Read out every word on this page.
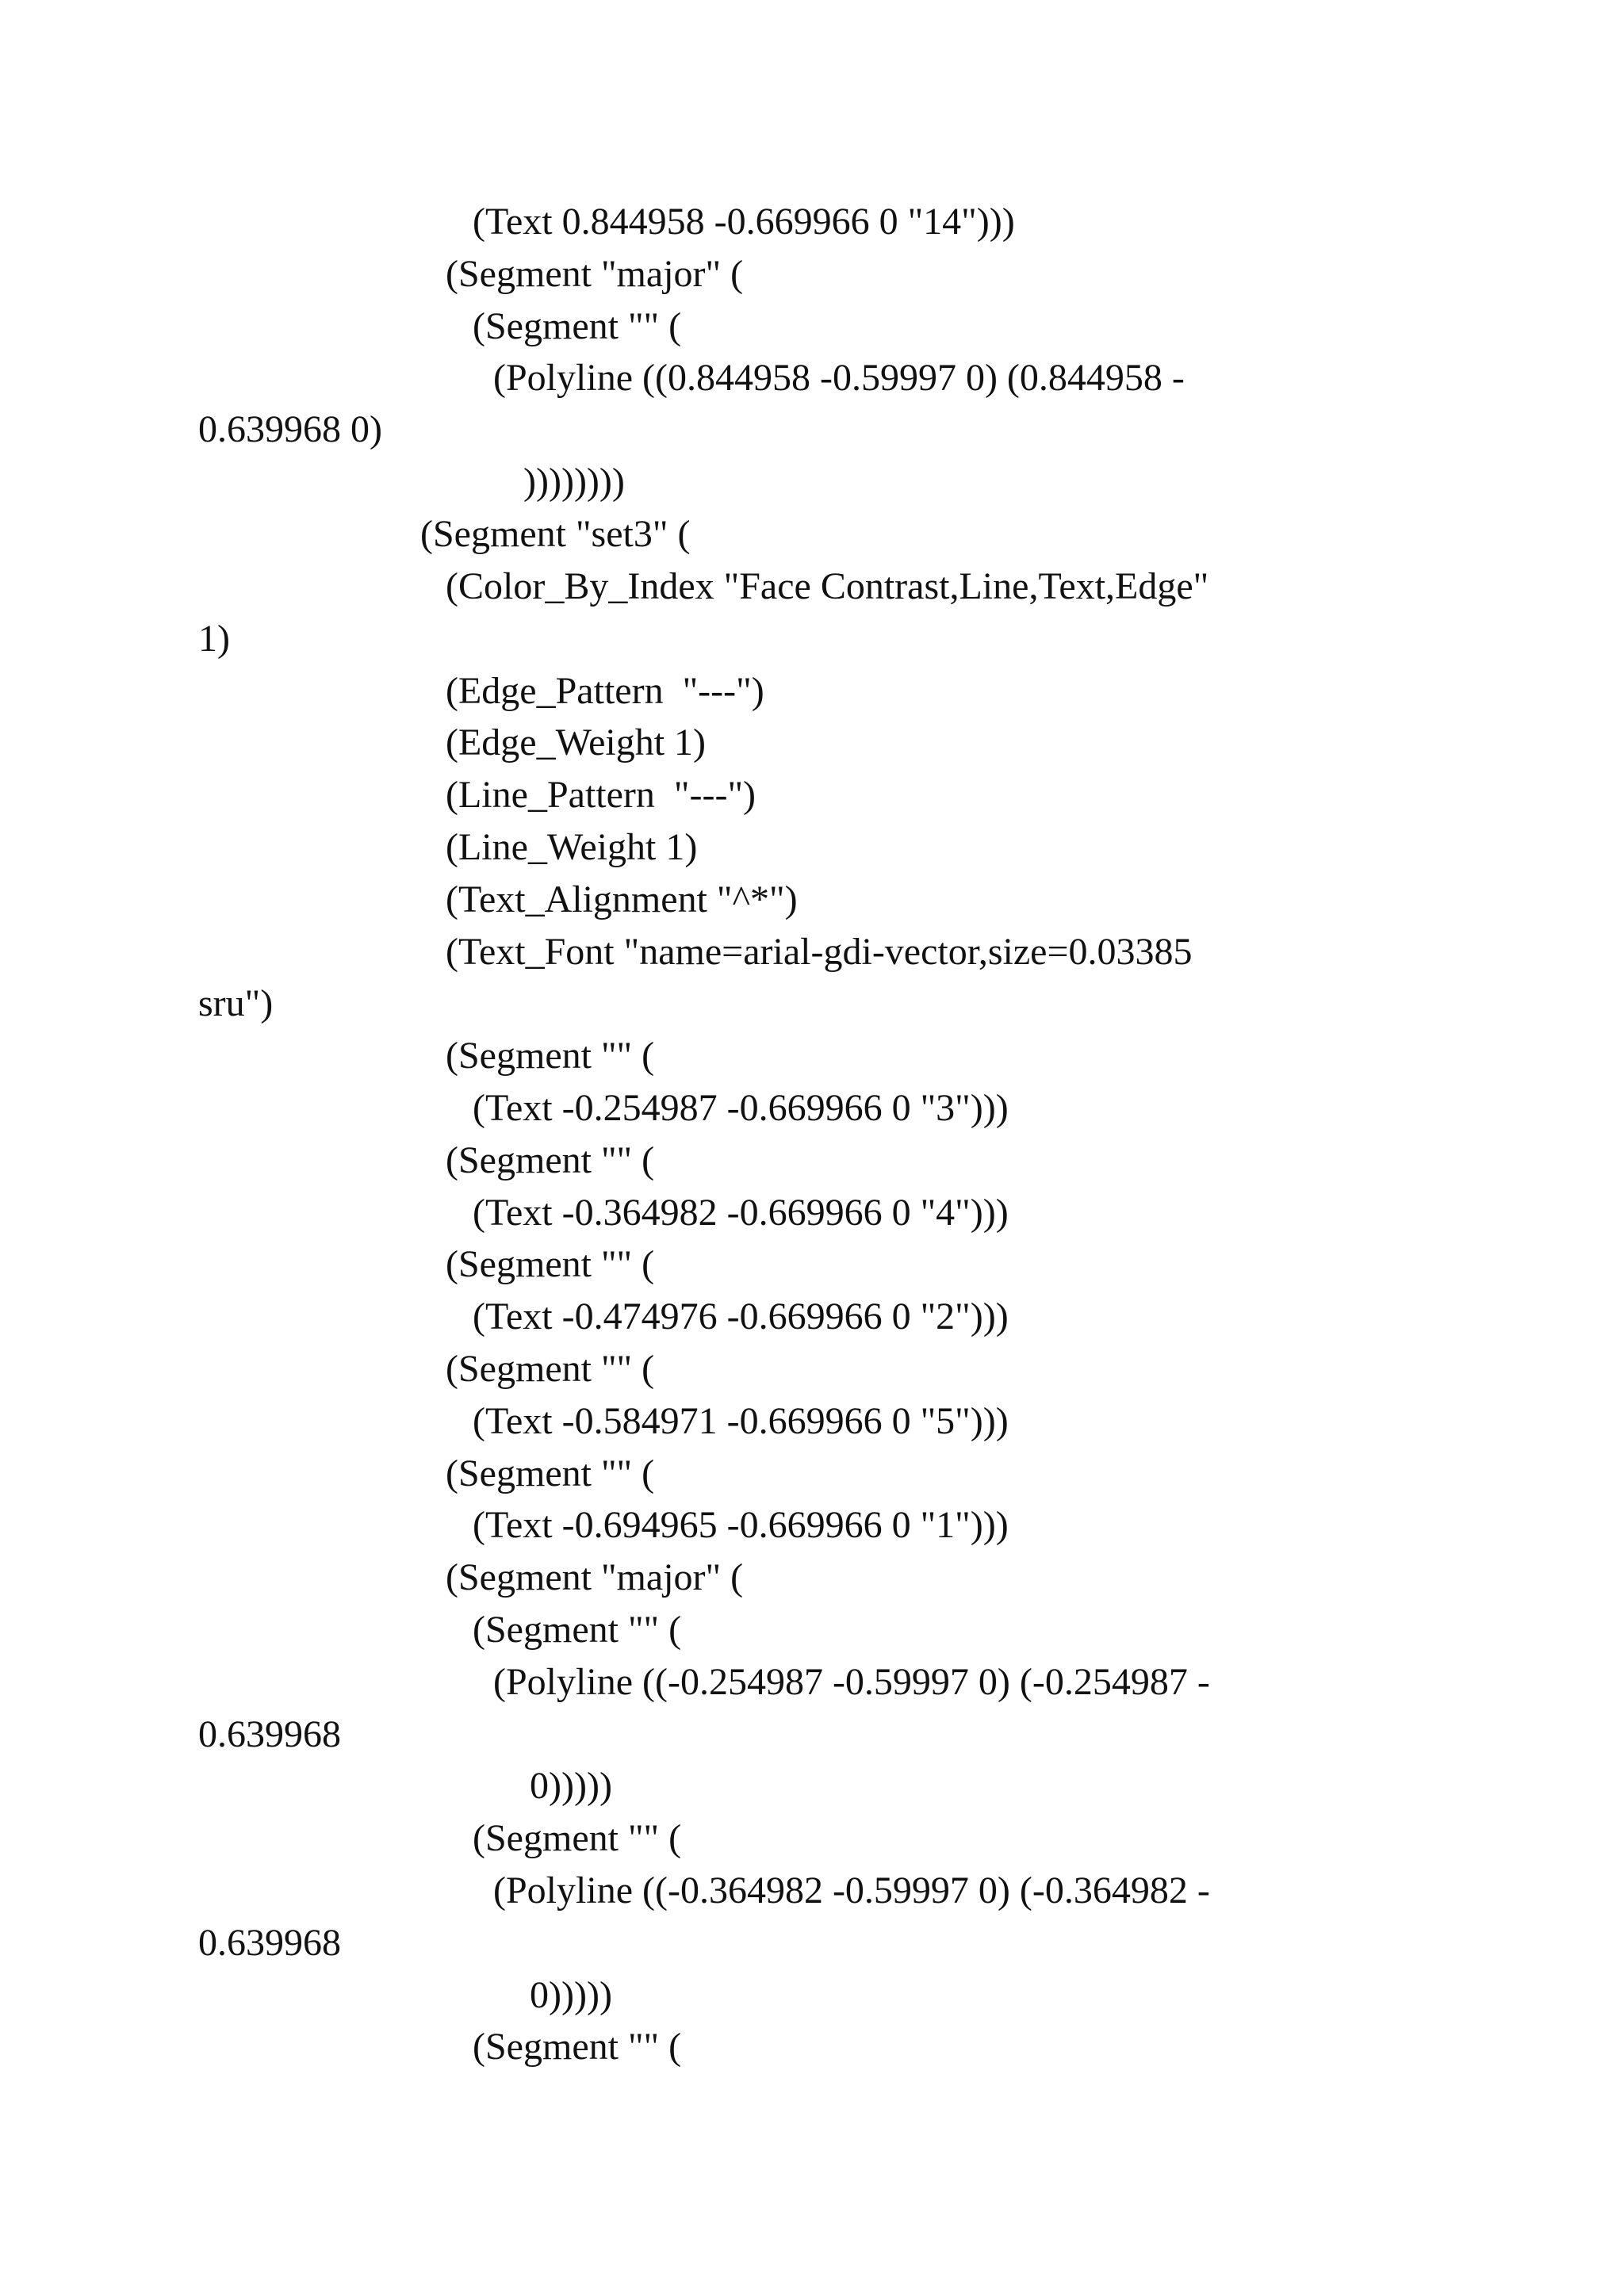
(Text 0.844958 -0.669966 0 "14")))

(Segment "major" (

(Segment "" (

(Polyline ((0.844958 -0.59997 0) (0.844958 -

0.639968 0)

))))))))

(Segment "set3" (

(Color_By_Index "Face Contrast,Line,Text,Edge"

1)

(Edge_Pattern  "---")

(Edge_Weight 1)

(Line_Pattern  "---")

(Line_Weight 1)

(Text_Alignment "^*")

(Text_Font "name=arial-gdi-vector,size=0.03385

sru")

(Segment "" (

(Text -0.254987 -0.669966 0 "3")))

(Segment "" (

(Text -0.364982 -0.669966 0 "4")))

(Segment "" (

(Text -0.474976 -0.669966 0 "2")))

(Segment "" (

(Text -0.584971 -0.669966 0 "5")))

(Segment "" (

(Text -0.694965 -0.669966 0 "1")))

(Segment "major" (

(Segment "" (

(Polyline ((-0.254987 -0.59997 0) (-0.254987 -

0.639968

0)))))

(Segment "" (

(Polyline ((-0.364982 -0.59997 0) (-0.364982 -

0.639968

0)))))

(Segment "" (
